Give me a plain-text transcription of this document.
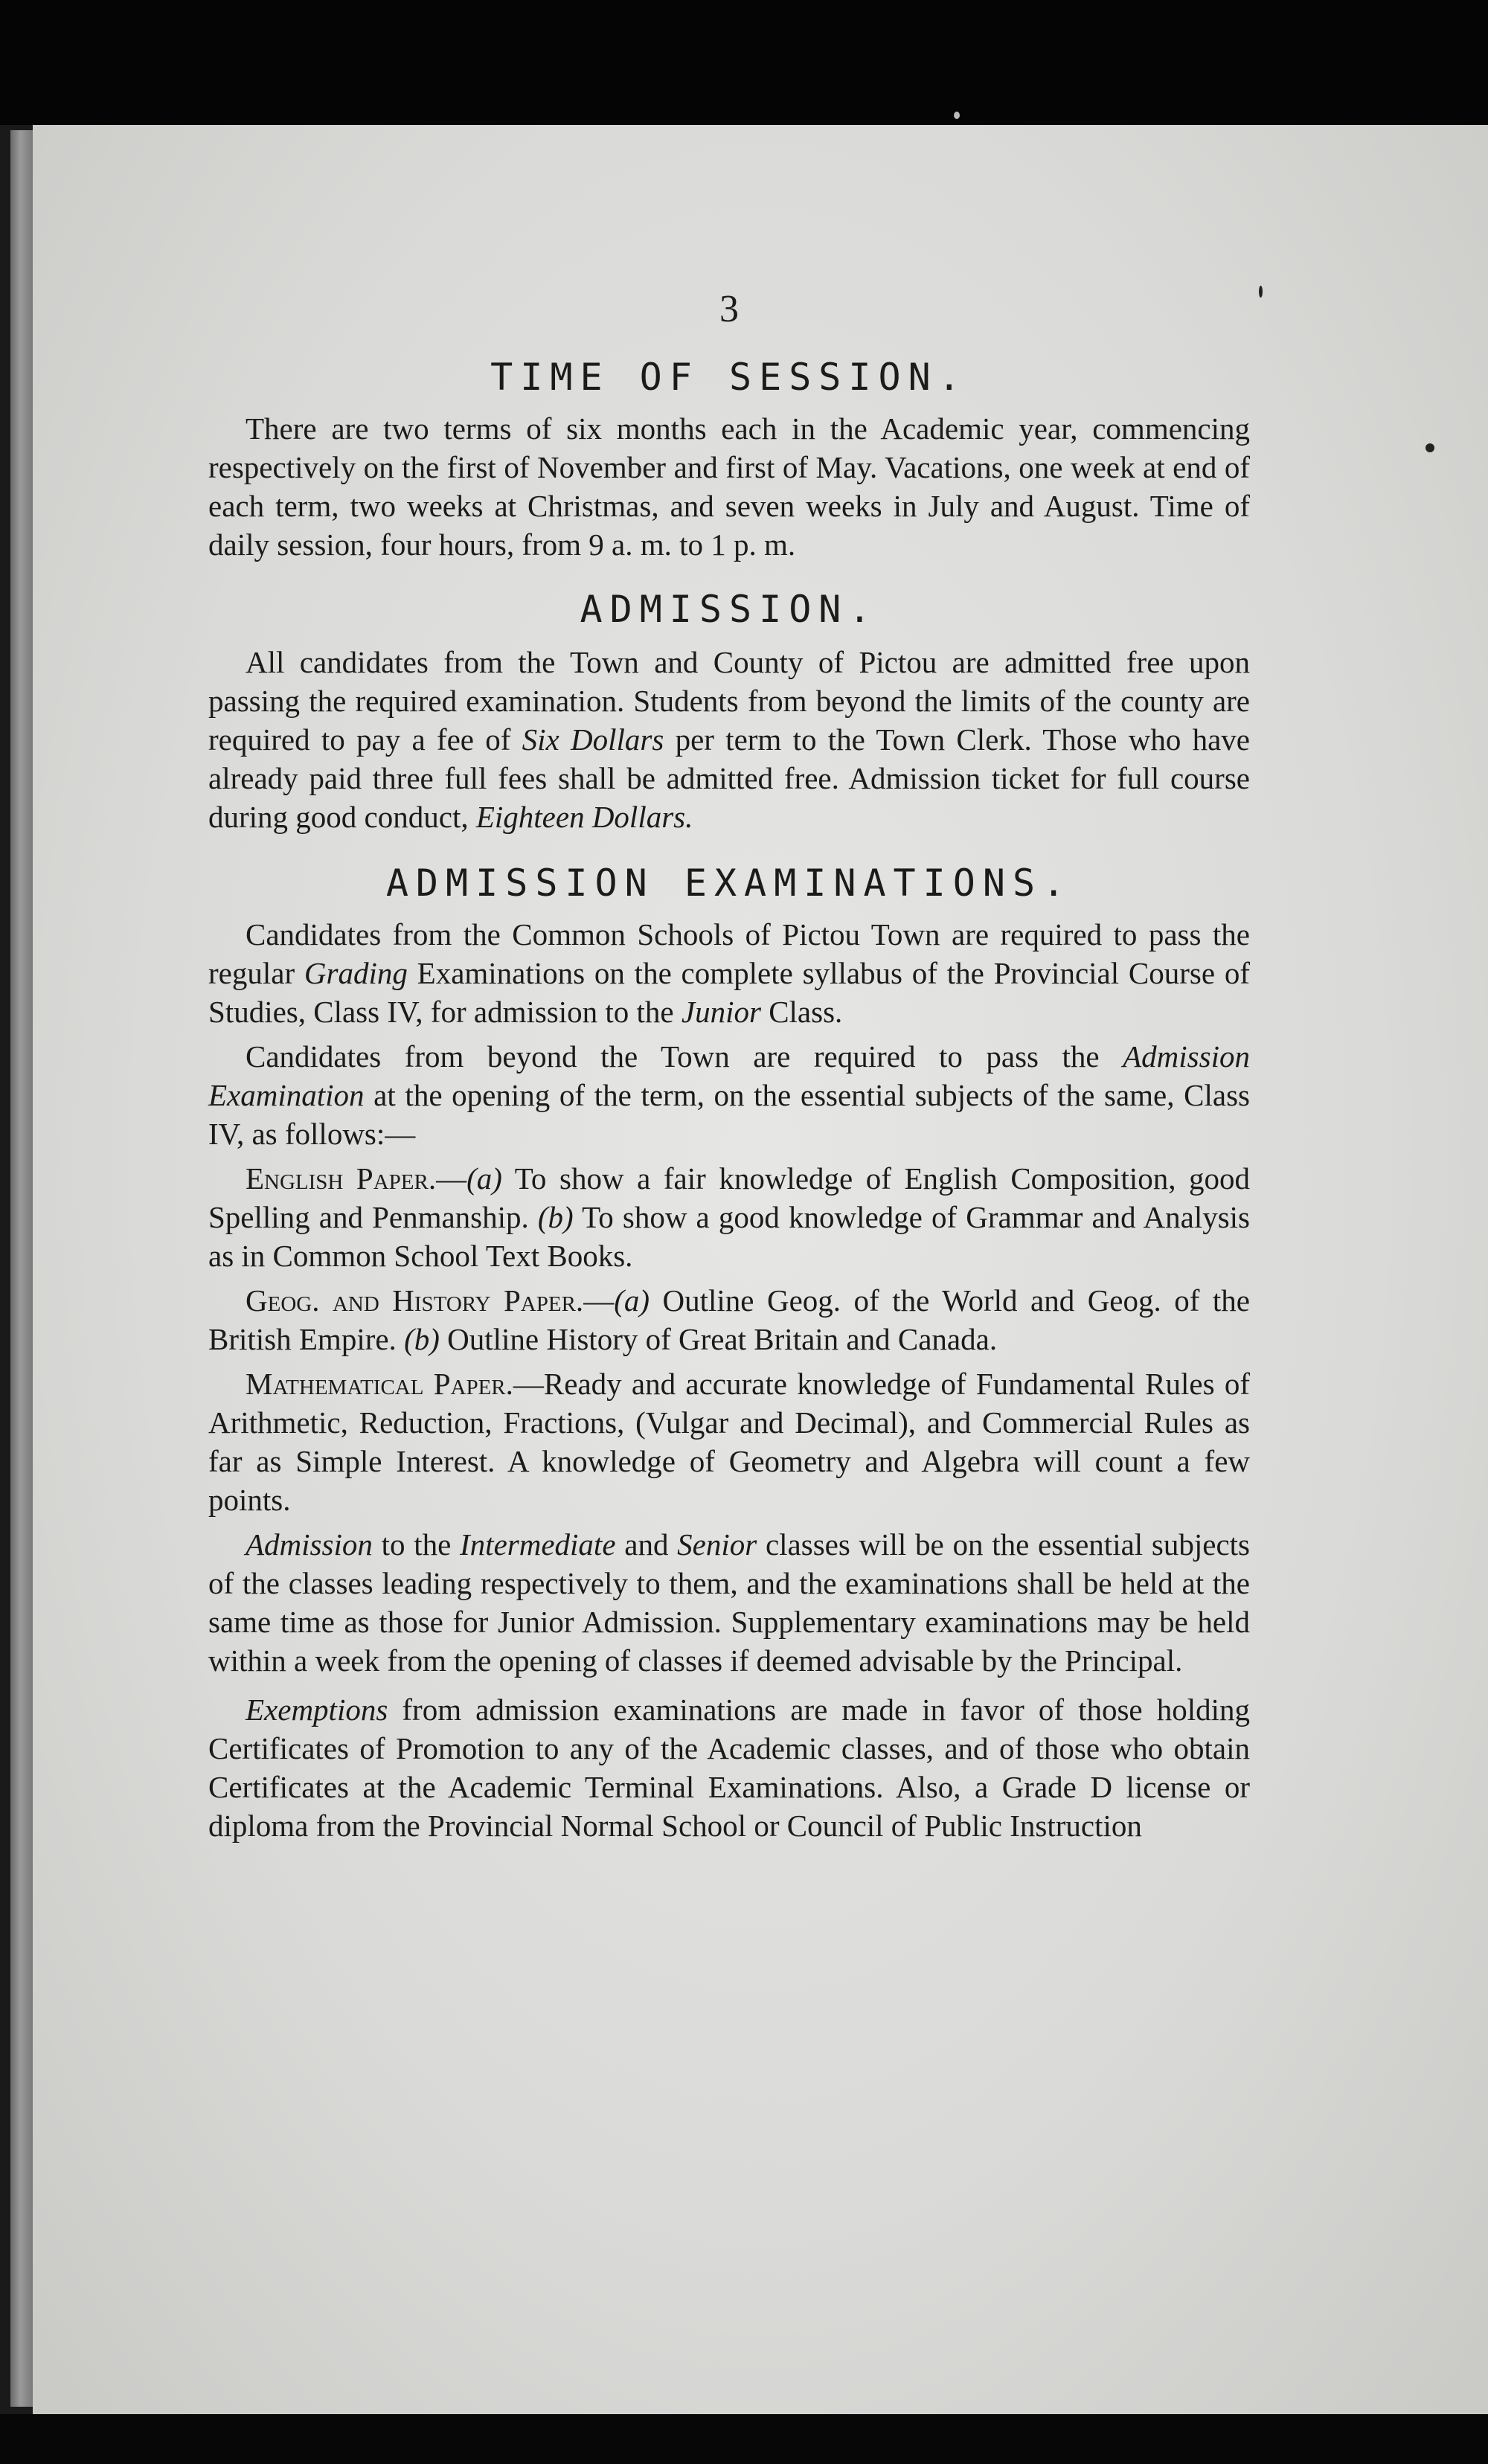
3
TIME OF SESSION.

There are two terms of six months each in the Academic year, commencing respectively on the first of November and first of May. Vacations, one week at end of each term, two weeks at Christmas, and seven weeks in July and August. Time of daily session, four hours, from 9 a. m. to 1 p. m.

ADMISSION.

All candidates from the Town and County of Pictou are admitted free upon passing the required examination. Students from beyond the limits of the county are required to pay a fee of Six Dollars per term to the Town Clerk. Those who have already paid three full fees shall be admitted free. Admission ticket for full course during good conduct, Eighteen Dollars.

ADMISSION EXAMINATIONS.

Candidates from the Common Schools of Pictou Town are required to pass the regular Grading Examinations on the complete syllabus of the Provincial Course of Studies, Class IV, for admission to the Junior Class.

Candidates from beyond the Town are required to pass the Admission Examination at the opening of the term, on the essential subjects of the same, Class IV, as follows:—

English Paper.—(a) To show a fair knowledge of English Composition, good Spelling and Penmanship. (b) To show a good knowledge of Grammar and Analysis as in Common School Text Books.

Geog. and History Paper.—(a) Outline Geog. of the World and Geog. of the British Empire. (b) Outline History of Great Britain and Canada.

Mathematical Paper.—Ready and accurate knowledge of Fundamental Rules of Arithmetic, Reduction, Fractions, (Vulgar and Decimal), and Commercial Rules as far as Simple Interest. A knowledge of Geometry and Algebra will count a few points.

Admission to the Intermediate and Senior classes will be on the essential subjects of the classes leading respectively to them, and the examinations shall be held at the same time as those for Junior Admission. Supplementary examinations may be held within a week from the opening of classes if deemed advisable by the Principal.

Exemptions from admission examinations are made in favor of those holding Certificates of Promotion to any of the Academic classes, and of those who obtain Certificates at the Academic Terminal Examinations. Also, a Grade D license or diploma from the Provincial Normal School or Council of Public Instruction
